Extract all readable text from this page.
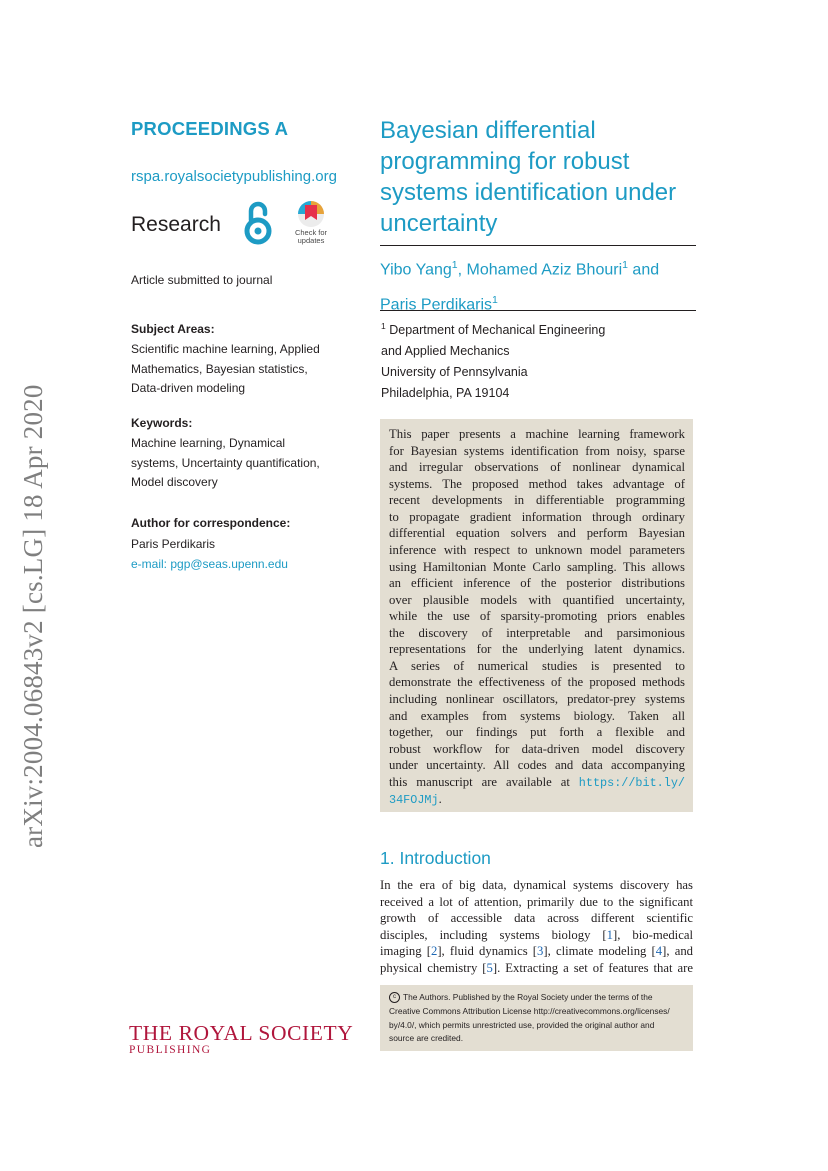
arXiv:2004.06843v2 [cs.LG] 18 Apr 2020
PROCEEDINGS A
rspa.royalsocietypublishing.org
Research	Check for
updates
Article submitted to journal
Subject Areas:
Scientific machine learning, Applied
Mathematics, Bayesian statistics,
Data-driven modeling
Keywords:
Machine learning, Dynamical
systems, Uncertainty quantification,
Model discovery
Author for correspondence:
Paris Perdikaris
e-mail: pgp@seas.upenn.edu
THE ROYAL SOCIETY
PUBLISHING
Bayesian differential
programming for robust
systems identification under
uncertainty
Yibo Yang$^1$, Mohamed Aziz Bhouri$^1$ and
Paris Perdikaris$^1$
$^1$ Department of Mechanical Engineering
and Applied Mechanics
University of Pennsylvania
Philadelphia, PA 19104
This paper presents a machine learning framework
for Bayesian systems identification from noisy, sparse
and irregular observations of nonlinear dynamical
systems. The proposed method takes advantage of
recent developments in differentiable programming
to propagate gradient information through ordinary
differential equation solvers and perform Bayesian
inference with respect to unknown model parameters
using Hamiltonian Monte Carlo sampling. This allows
an efficient inference of the posterior distributions
over plausible models with quantified uncertainty,
while the use of sparsity-promoting priors enables
the discovery of interpretable and parsimonious
representations for the underlying latent dynamics.
A series of numerical studies is presented to
demonstrate the effectiveness of the proposed methods
including nonlinear oscillators, predator-prey systems
and examples from systems biology. Taken all
together, our findings put forth a flexible and
robust workflow for data-driven model discovery
under uncertainty. All codes and data accompanying
this manuscript are available at https://bit.ly/
34FOJMj.
1. Introduction
In the era of big data, dynamical systems discovery has
received a lot of attention, primarily due to the significant
growth of accessible data across different scientific
disciples, including systems biology [1], bio-medical
imaging [2], fluid dynamics [3], climate modeling [4], and
physical chemistry [5]. Extracting a set of features that are
c The Authors. Published by the Royal Society under the terms of the
Creative Commons Attribution License http://creativecommons.org/licenses/
by/4.0/, which permits unrestricted use, provided the original author and
source are credited.
